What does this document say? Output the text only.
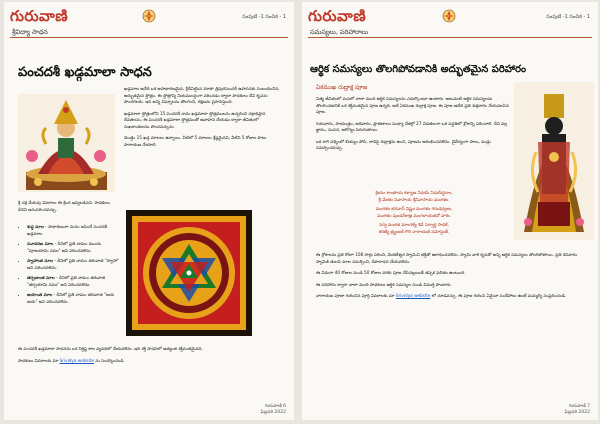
గురువాణి
శ్రీవిద్యా సాధన
సంపుటి -1 సంచిక - 1
పంచదశీ ఖడ్గమాలా సాధన

ఖడ్గమాల అనేది ఒక అసాధారణమైన, శ్రీదేవియైన మాతా త్రిపురసుందరీ ఉపాసనకు సంబంధించిన, అద్భుతమైన స్తోత్రం. ఈ స్తోత్రాన్ని నియమబద్ధంగా పఠించడం ద్వారా సాధకులు దేవి కృపను పొందగలరు. ఇది అన్ని విఘ్నాలను తొలగించి, రక్షణను ప్రసాదిస్తుంది.

ఖడ్గమాలా స్తోత్రంలోని 15 పంచదశీ నామ ఖడ్గమాలా స్తోత్రములను ఉచ్చరించి చక్రాధిష్ఠాన దేవతలను, ఈ పంచదశీ ఖడ్గమాలా స్తోత్రముతో ఆవాహన చేయడం ద్వారా జీవితంలో సుఖశాంతులను పొందవచ్చును.

మొత్తం 15 ఖడ్గ మాలలు ఉన్నాయి. వీటిలో 5 మాలలు శ్రేష్ఠమైనవి, వీటిని 5 రోజుల పాటు పారాయణ చేయాలి.

శ్రీ చక్ర మేరువు వివరాలు ఈ క్రింద ఇవ్వబడినవి. సాధకులు దీనిని అనుసరించవచ్చు.
• శుద్ధ మాల - సాధారణంగా మనం జపించే పంచదశీ ఖడ్గమాల.
• నవావరణ మాల - దీనిలో ప్రతి నామం ముందు "పూజయామి నమః" అని పఠించవలెను.
• స్వాహాంత మాల - దీనిలో ప్రతి నామం తరువాత "స్వాహా" అని పఠించవలెను.
• తర్పణాంత మాల - దీనిలో ప్రతి నామం తరువాత "తర్పయామి నమః" అని పఠించవలెను.
• జయాంత మాల - దీనిలో ప్రతి నామం తరువాత "జయ జయ" అని పఠించవలెను.

ఈ పంచదశీ ఖడ్గమాలా సాధనను ఒక నిర్దిష్ట కాల వ్యవధిలో చేయవలెను. ఇది శక్తి సాధనలో అత్యంత శక్తివంతమైనది.

సాధకులు వివరాలకు మా Srividya website ను సందర్శించండి.

గురువాణి 6
ఫిబ్రవరి 2022
గురువాణి
సమస్యలు, పరిహారాలు
సంపుటి -1 సంచిక - 1
ఆర్థిక సమస్యలు తొలగిపోవడానికి అద్భుతమైన పరిహారం
ఏకముఖ రుద్రాక్ష పూజ

నిత్య జీవితంలో మనలో చాలా మంది ఆర్థిక సమస్యలను ఎదుర్కొంటూ ఉంటారు. అటువంటి ఆర్థిక సమస్యలను తొలగించడానికి ఒక శక్తివంతమైన పూజ ఉన్నది. అదే ఏకముఖ రుద్రాక్ష పూజ. ఈ పూజ అనేది ప్రతి శుక్రవారం చేయవలసిన పూజ.

గురువారం, సాయంత్రం, ఆదివారం, ప్రాతఃకాలం సంధ్యా వేళల్లో 27 విడతలుగా ఒక పద్ధతిలో శ్లోకాన్ని పఠించాలి. దీని వల్ల జ్ఞానం, సంపద, ఆరోగ్యం పెరుగుతాయి.

ఒక రాగి పళ్ళెంలో బియ్యం పోసి, దానిపై రుద్రాక్షను ఉంచి, పూజను ఆరంభించవలెను. నైవేద్యంగా పాలు, పండ్లు సమర్పించవచ్చు.

శ్రియం కాంతాయ కళ్యాణ నిధయే నిధయేర్థినాం,
శ్రీ వేంకట నివాసాయ శ్రీనివాసాయ మంగళం.
మంగళం భగవాన్ విష్ణుః మంగళం గరుడధ్వజః,
మంగళం పుండరీకాక్షః మంగళాయతనో హరిః.
సర్వ మంగళ మాంగళ్యే శివే సర్వార్థ సాధికే,
శరణ్యే త్ర్యంబకే గౌరి నారాయణి నమోస్తుతే.

ఈ శ్లోకాలను ప్రతి రోజూ 108 సార్లు పఠించి, వెంకటేశ్వర స్వామిని భక్తితో ఆరాధించవలెను. స్వామి వారి కృపతో అన్ని ఆర్థిక సమస్యలు తొలగిపోతాయి. ప్రతి శనివారం స్వామికి తులసి మాల సమర్పించి, దీపారాధన చేయవలెను.

ఈ విధంగా 40 రోజుల నుండి 50 రోజుల వరకు పూజ చేసినట్లయితే తప్పక ఫలితం ఉంటుంది.

ఈ పరిహారం ద్వారా చాలా మంది సాధకులు ఆర్థిక సమస్యల నుండి విముక్తి పొందారు.

నారాయణ పూజా గురించిన పూర్తి వివరాలకు మా Srividya website లో చూడవచ్చు. ఈ పూజ గురించి ఏమైనా సందేహాలు ఉంటే మమ్మల్ని సంప్రదించండి.

గురువాణి 7
ఫిబ్రవరి 2022
